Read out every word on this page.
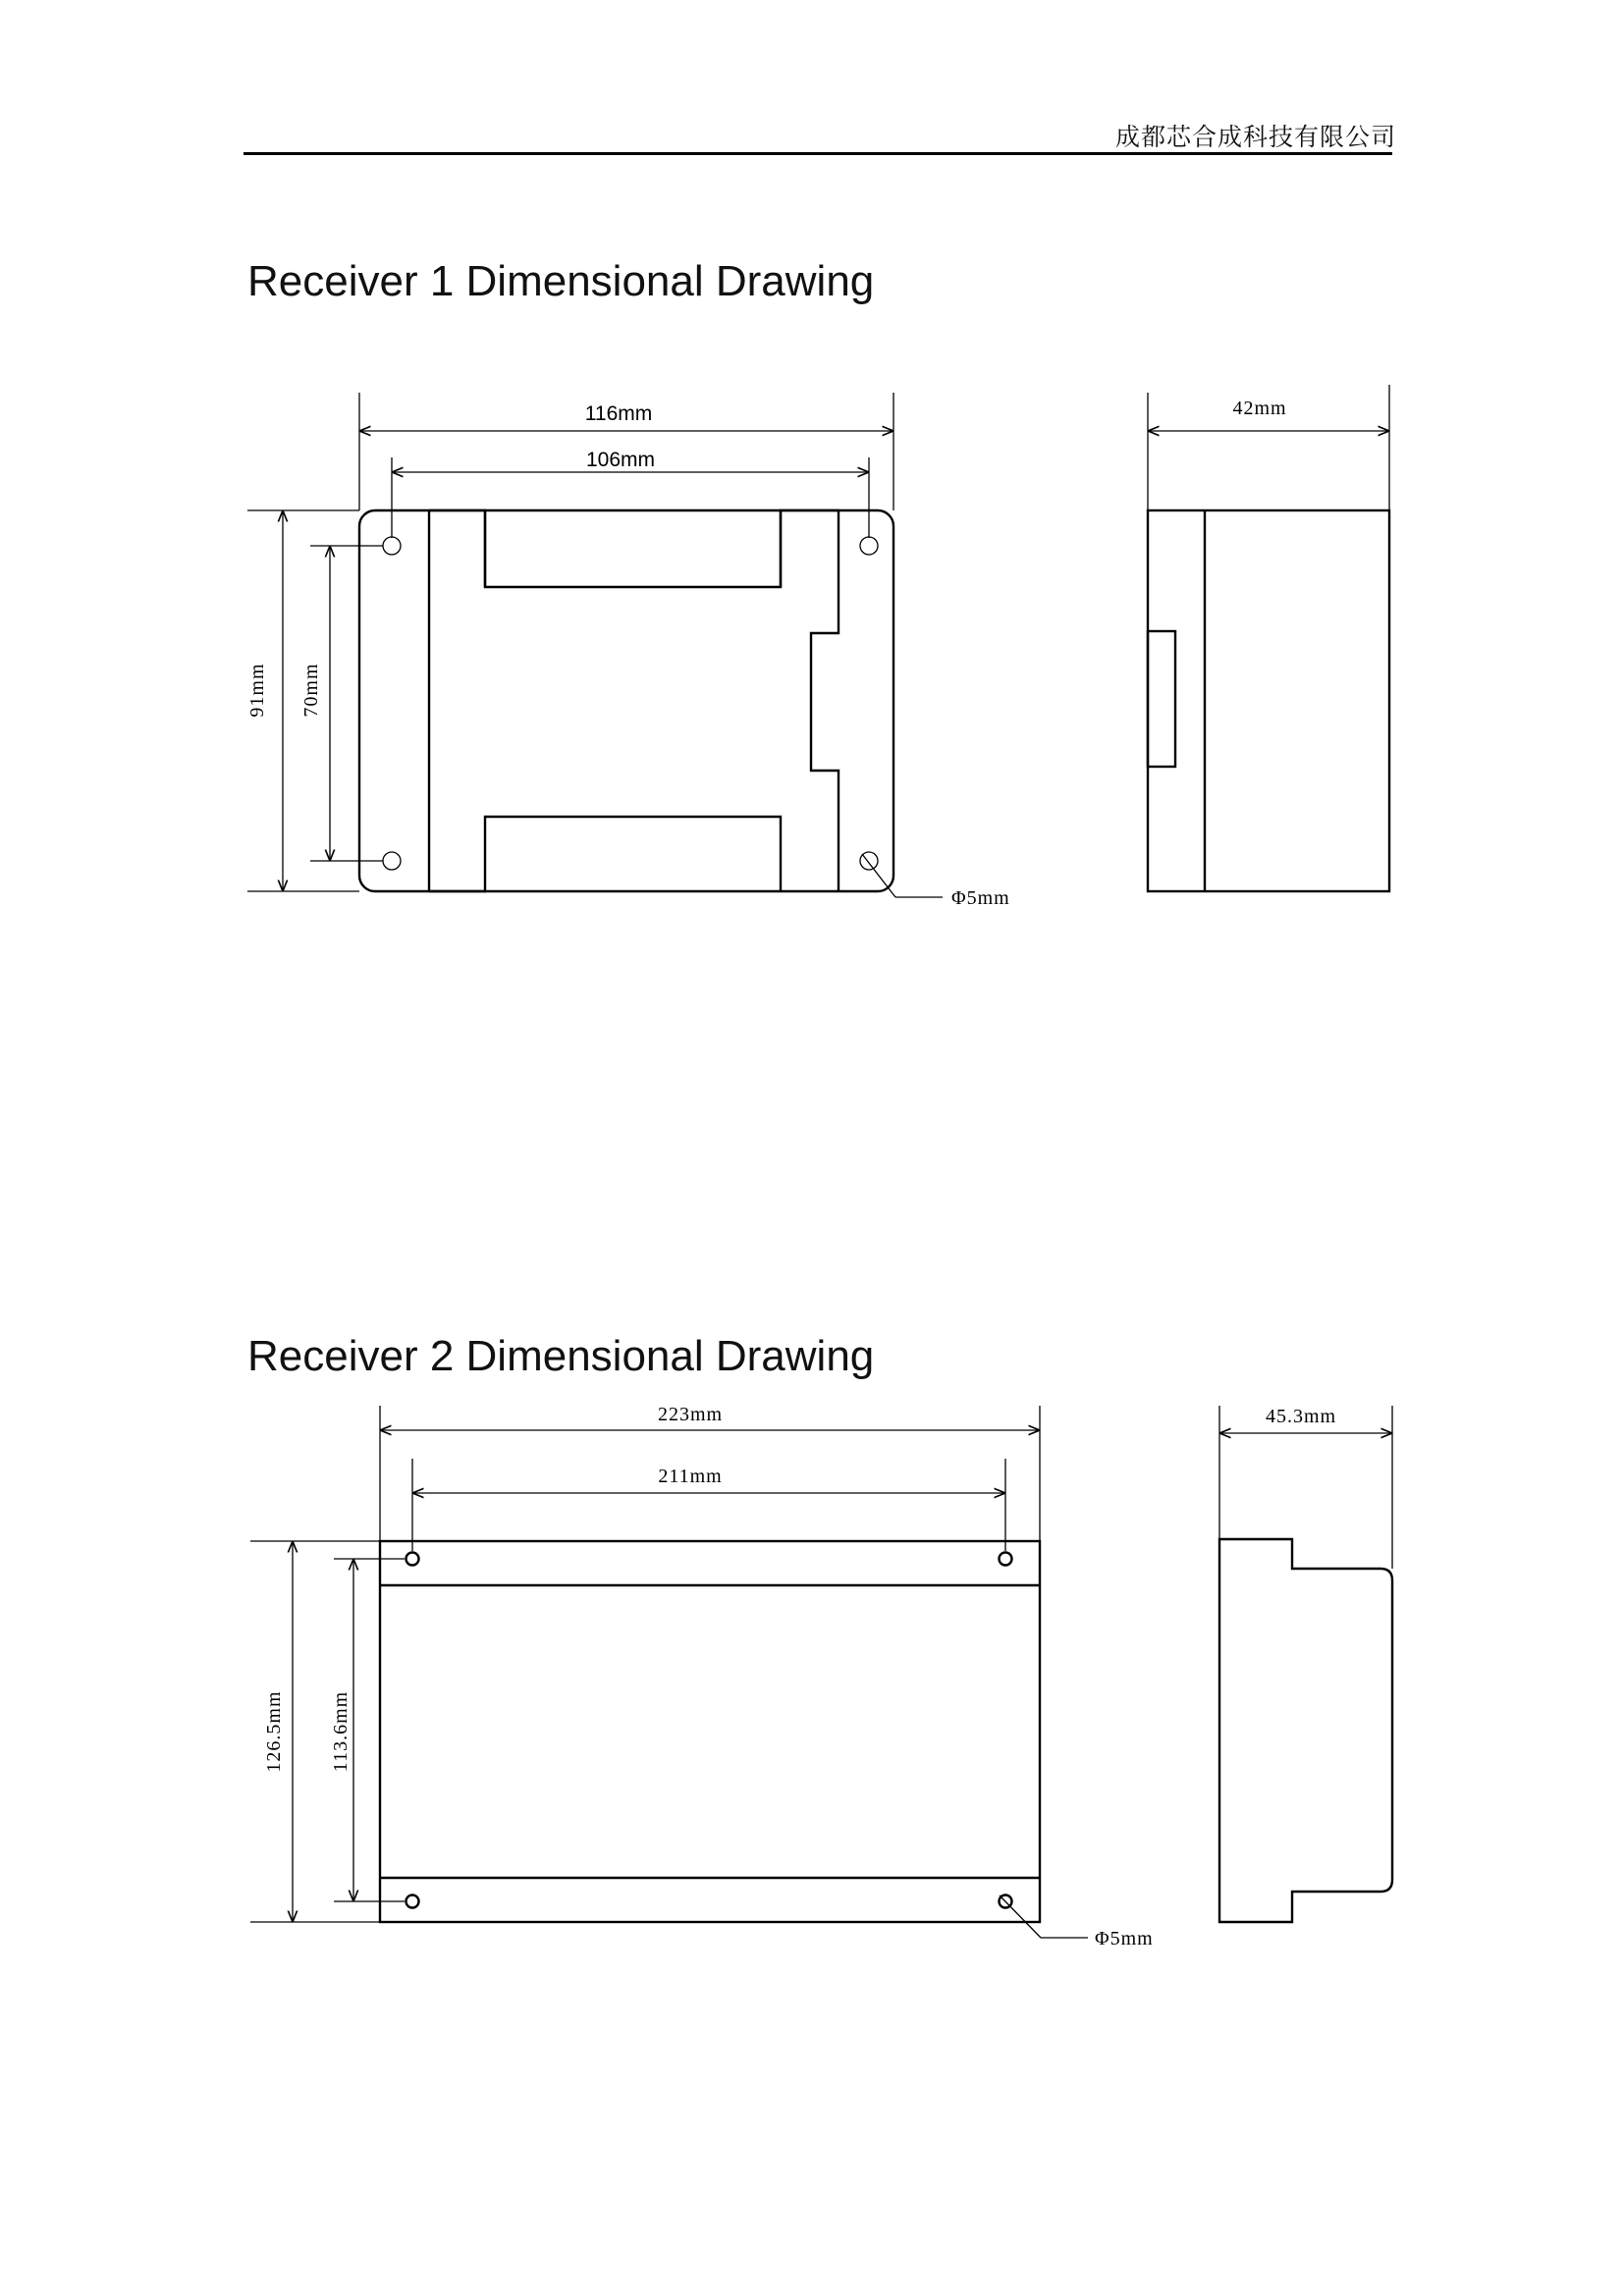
成都芯合成科技有限公司
Receiver 1 Dimensional Drawing
116mm
106mm
91mm 70mm
Φ5mm
42mm
223mm
211mm
126.5mm 113.6mm
Φ5mm
45.3mm
Receiver 2 Dimensional Drawing
